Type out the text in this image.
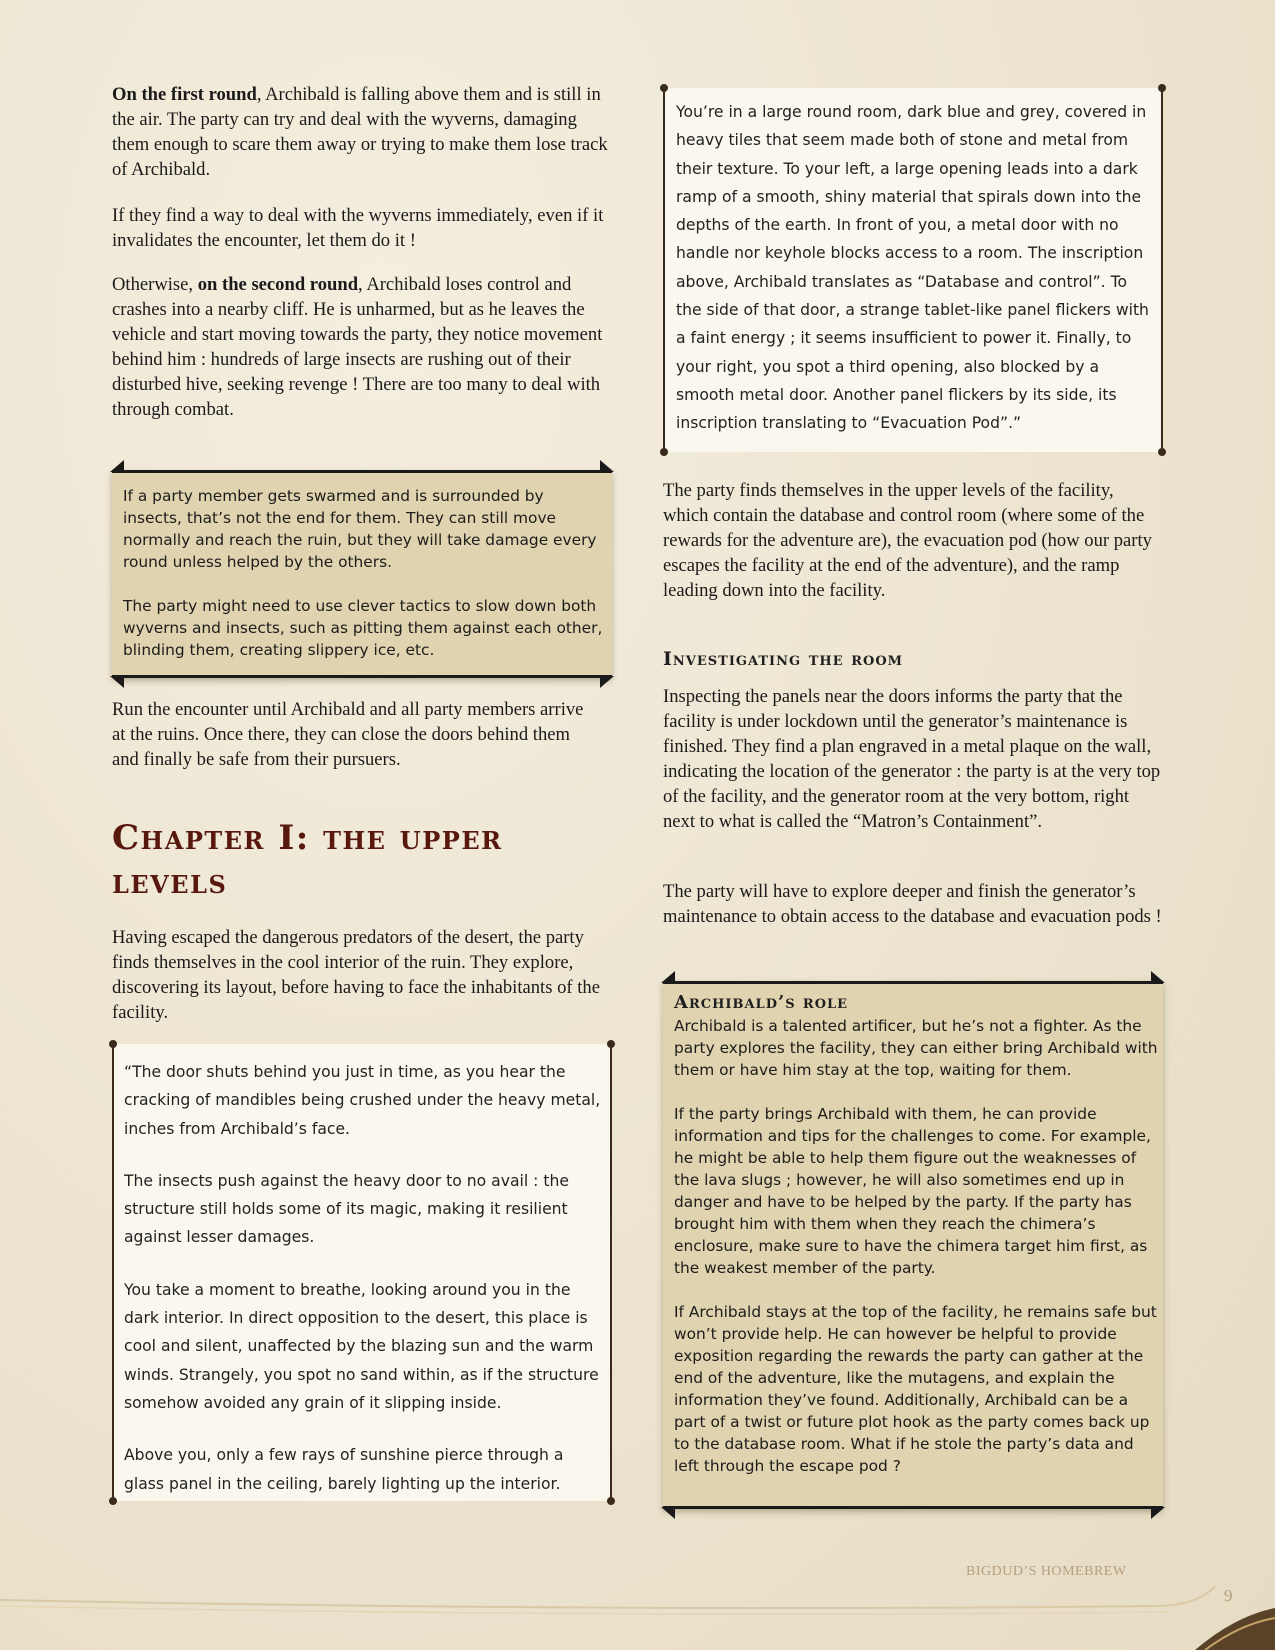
On the first round, Archibald is falling above them and is still in the air. The party can try and deal with the wyverns, damaging them enough to scare them away or trying to make them lose track of Archibald.

If they find a way to deal with the wyverns immediately, even if it invalidates the encounter, let them do it !

Otherwise, on the second round, Archibald loses control and crashes into a nearby cliff. He is unharmed, but as he leaves the vehicle and start moving towards the party, they notice movement behind him : hundreds of large insects are rushing out of their disturbed hive, seeking revenge ! There are too many to deal with through combat.

If a party member gets swarmed and is surrounded by insects, that’s not the end for them. They can still move normally and reach the ruin, but they will take damage every round unless helped by the others.

The party might need to use clever tactics to slow down both wyverns and insects, such as pitting them against each other, blinding them, creating slippery ice, etc.

Run the encounter until Archibald and all party members arrive at the ruins. Once there, they can close the doors behind them and finally be safe from their pursuers.

Chapter I: the upper levels

Having escaped the dangerous predators of the desert, the party finds themselves in the cool interior of the ruin. They explore, discovering its layout, before having to face the inhabitants of the facility.

“The door shuts behind you just in time, as you hear the cracking of mandibles being crushed under the heavy metal, inches from Archibald’s face.

The insects push against the heavy door to no avail : the structure still holds some of its magic, making it resilient against lesser damages.

You take a moment to breathe, looking around you in the dark interior. In direct opposition to the desert, this place is cool and silent, unaffected by the blazing sun and the warm winds. Strangely, you spot no sand within, as if the structure somehow avoided any grain of it slipping inside.

Above you, only a few rays of sunshine pierce through a glass panel in the ceiling, barely lighting up the interior.

You’re in a large round room, dark blue and grey, covered in heavy tiles that seem made both of stone and metal from their texture. To your left, a large opening leads into a dark ramp of a smooth, shiny material that spirals down into the depths of the earth. In front of you, a metal door with no handle nor keyhole blocks access to a room. The inscription above, Archibald translates as “Database and control”. To the side of that door, a strange tablet-like panel flickers with a faint energy ; it seems insufficient to power it. Finally, to your right, you spot a third opening, also blocked by a smooth metal door. Another panel flickers by its side, its inscription translating to “Evacuation Pod”.”

The party finds themselves in the upper levels of the facility, which contain the database and control room (where some of the rewards for the adventure are), the evacuation pod (how our party escapes the facility at the end of the adventure), and the ramp leading down into the facility.

Investigating the room

Inspecting the panels near the doors informs the party that the facility is under lockdown until the generator’s maintenance is finished. They find a plan engraved in a metal plaque on the wall, indicating the location of the generator : the party is at the very top of the facility, and the generator room at the very bottom, right next to what is called the “Matron’s Containment”.

The party will have to explore deeper and finish the generator’s maintenance to obtain access to the database and evacuation pods !

Archibald’s role

Archibald is a talented artificer, but he’s not a fighter. As the party explores the facility, they can either bring Archibald with them or have him stay at the top, waiting for them.

If the party brings Archibald with them, he can provide information and tips for the challenges to come. For example, he might be able to help them figure out the weaknesses of the lava slugs ; however, he will also sometimes end up in danger and have to be helped by the party. If the party has brought him with them when they reach the chimera’s enclosure, make sure to have the chimera target him first, as the weakest member of the party.

If Archibald stays at the top of the facility, he remains safe but won’t provide help. He can however be helpful to provide exposition regarding the rewards the party can gather at the end of the adventure, like the mutagens, and explain the information they’ve found. Additionally, Archibald can be a part of a twist or future plot hook as the party comes back up to the database room. What if he stole the party’s data and left through the escape pod ?

BIGDUD’S HOMEBREW
9
